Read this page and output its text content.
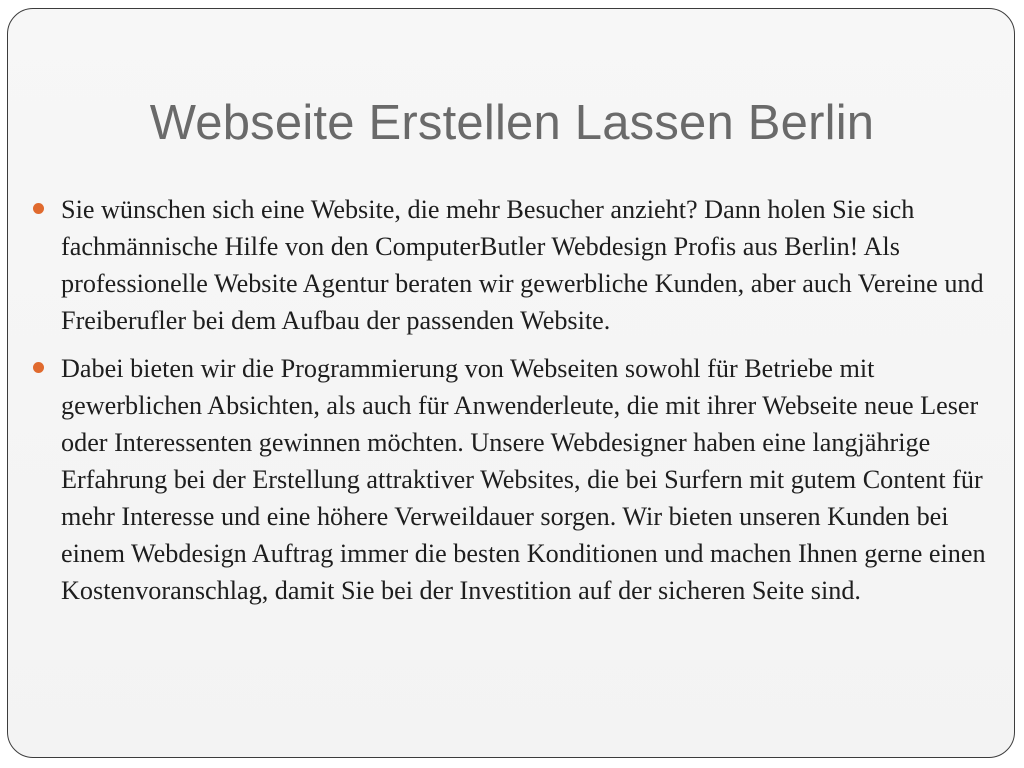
Webseite Erstellen Lassen Berlin
Sie wünschen sich eine Website, die mehr Besucher anzieht? Dann holen Sie sich fachmännische Hilfe von den ComputerButler Webdesign Profis aus Berlin! Als professionelle Website Agentur beraten wir gewerbliche Kunden, aber auch Vereine und Freiberufler bei dem Aufbau der passenden Website.
Dabei bieten wir die Programmierung von Webseiten sowohl für Betriebe mit gewerblichen Absichten, als auch für Anwenderleute, die mit ihrer Webseite neue Leser oder Interessenten gewinnen möchten. Unsere Webdesigner haben eine langjährige Erfahrung bei der Erstellung attraktiver Websites, die bei Surfern mit gutem Content für mehr Interesse und eine höhere Verweildauer sorgen. Wir bieten unseren Kunden bei einem Webdesign Auftrag immer die besten Konditionen und machen Ihnen gerne einen Kostenvoranschlag, damit Sie bei der Investition auf der sicheren Seite sind.
